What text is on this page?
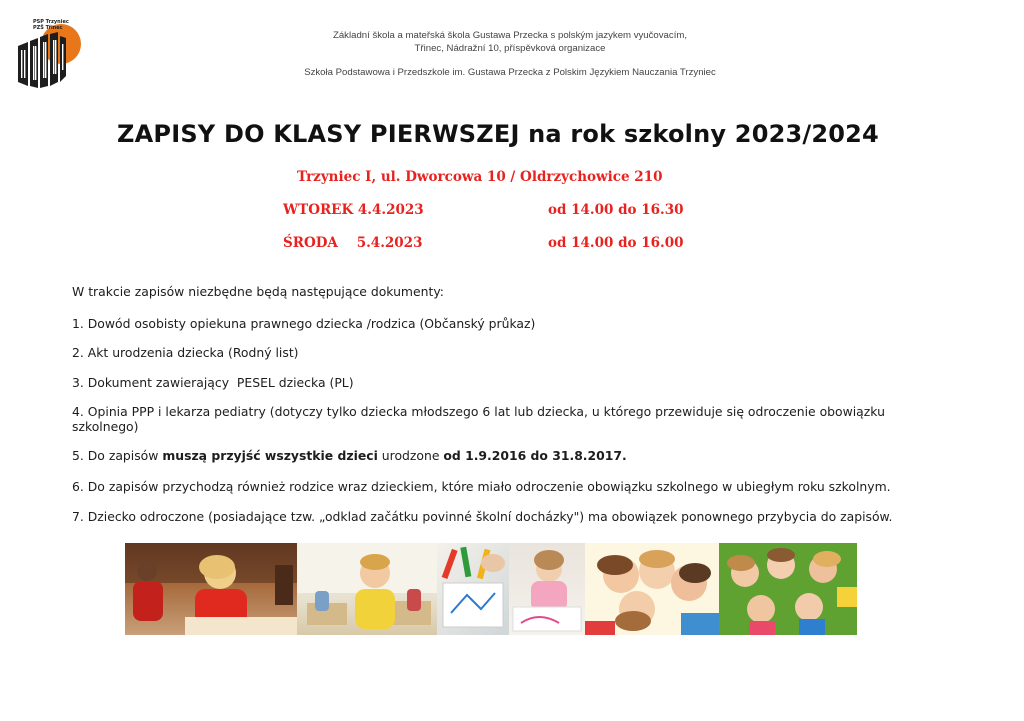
PSP Trzyniec
PZŠ Třinec
Základní škola a mateřská škola Gustawa Przecka s polským jazykem vyučovacím,
Třinec, Nádražní 10, příspěvková organizace
Szkoła Podstawowa i Przedszkole im. Gustawa Przecka z Polskim Językiem Nauczania Trzyniec
ZAPISY DO KLASY PIERWSZEJ na rok szkolny 2023/2024
Trzyniec I, ul. Dworcowa 10 / Oldrzychowice 210
WTOREK 4.4.2023	od 14.00 do 16.30
ŚRODA    5.4.2023	od 14.00 do 16.00
W trakcie zapisów niezbędne będą następujące dokumenty:
1. Dowód osobisty opiekuna prawnego dziecka /rodzica (Občanský průkaz)
2. Akt urodzenia dziecka (Rodný list)
3. Dokument zawierający  PESEL dziecka (PL)
4. Opinia PPP i lekarza pediatry (dotyczy tylko dziecka młodszego 6 lat lub dziecka, u którego przewiduje się odroczenie obowiązku szkolnego)
5. Do zapisów muszą przyjść wszystkie dzieci urodzone od 1.9.2016 do 31.8.2017.
6. Do zapisów przychodzą również rodzice wraz dzieckiem, które miało odroczenie obowiązku szkolnego w ubiegłym roku szkolnym.
7. Dziecko odroczone (posiadające tzw. „odklad začátku povinné školní docházky") ma obowiązek ponownego przybycia do zapisów.
